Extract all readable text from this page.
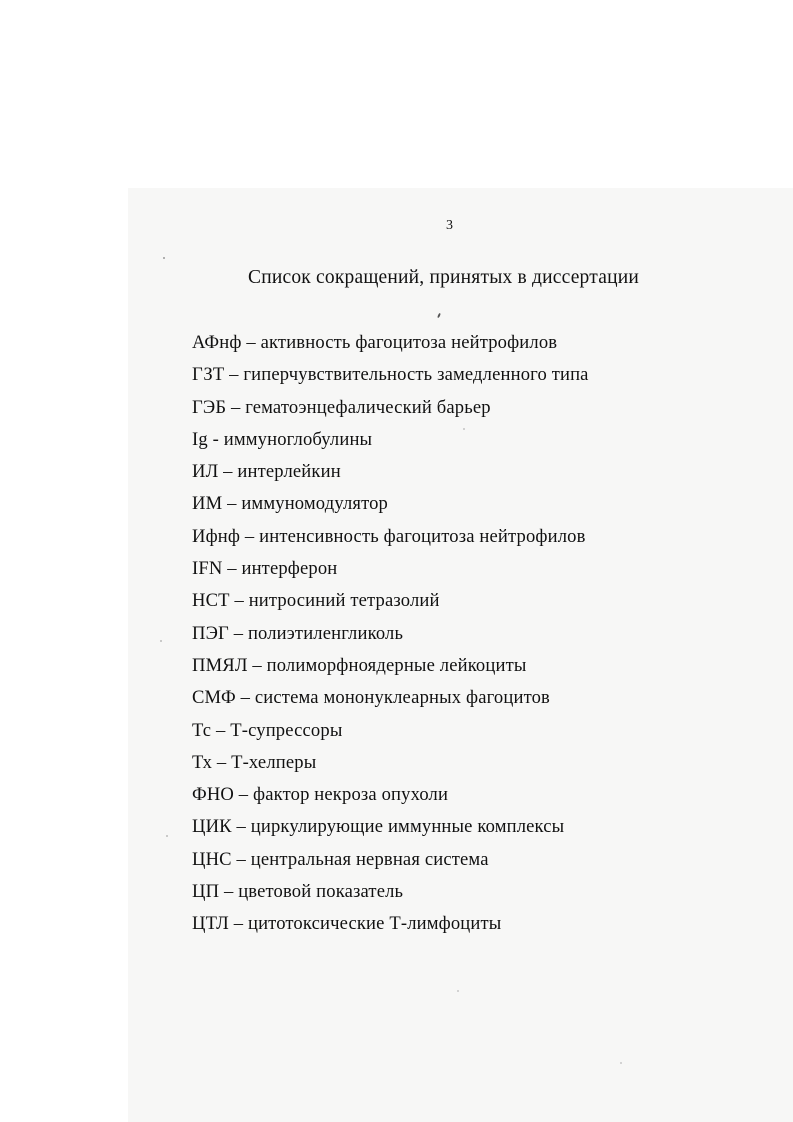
3
Список сокращений, принятых в диссертации
АФнф – активность фагоцитоза нейтрофилов
ГЗТ – гиперчувствительность замедленного типа
ГЭБ – гематоэнцефалический барьер
Ig - иммуноглобулины
ИЛ – интерлейкин
ИМ – иммуномодулятор
Ифнф – интенсивность фагоцитоза нейтрофилов
IFN – интерферон
НСТ – нитросиний тетразолий
ПЭГ – полиэтиленгликоль
ПМЯЛ – полиморфноядерные лейкоциты
СМФ – система мононуклеарных фагоцитов
Тс – Т-супрессоры
Тх – Т-хелперы
ФНО – фактор некроза опухоли
ЦИК – циркулирующие иммунные комплексы
ЦНС – центральная нервная система
ЦП – цветовой показатель
ЦТЛ – цитотоксические Т-лимфоциты
